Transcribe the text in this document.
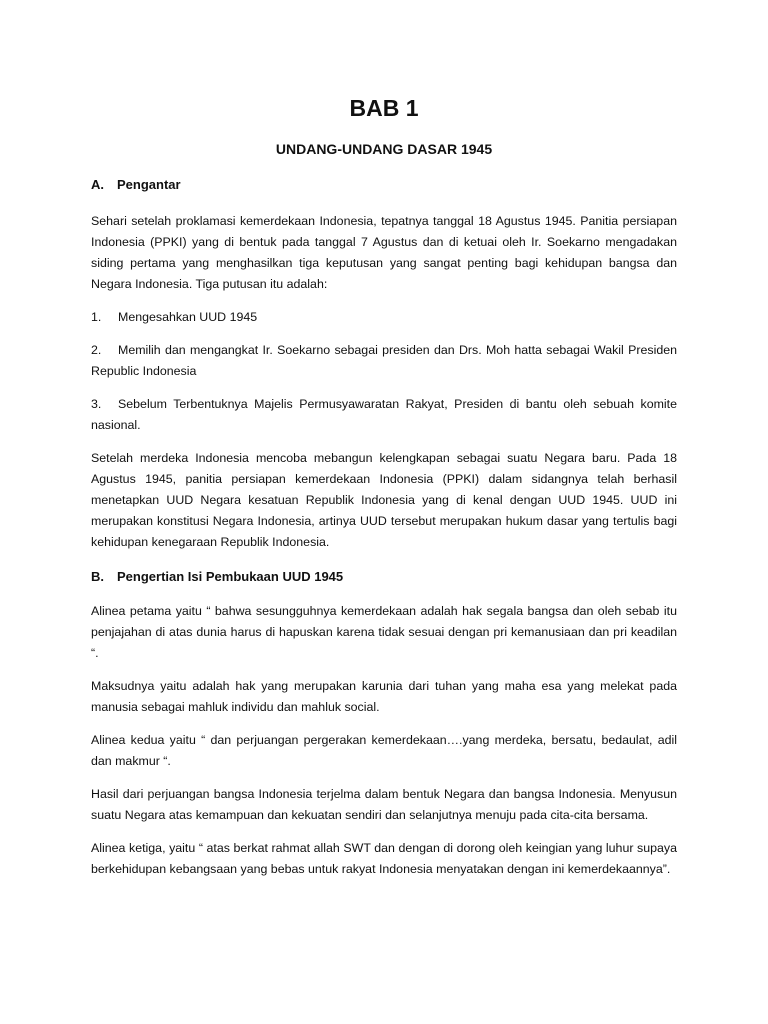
BAB 1
UNDANG-UNDANG DASAR 1945
A.	Pengantar

Sehari setelah proklamasi kemerdekaan Indonesia, tepatnya tanggal 18 Agustus 1945. Panitia persiapan Indonesia (PPKI) yang di bentuk pada tanggal 7 Agustus dan di ketuai oleh Ir. Soekarno mengadakan siding pertama yang menghasilkan tiga keputusan yang sangat penting bagi kehidupan bangsa dan Negara Indonesia. Tiga putusan itu adalah:

1. Mengesahkan UUD 1945
2. Memilih dan mengangkat Ir. Soekarno sebagai presiden dan Drs. Moh hatta sebagai Wakil Presiden Republic Indonesia
3. Sebelum Terbentuknya Majelis Permusyawaratan Rakyat, Presiden di bantu oleh sebuah komite nasional.

Setelah merdeka Indonesia mencoba mebangun kelengkapan sebagai suatu Negara baru. Pada 18 Agustus 1945, panitia persiapan kemerdekaan Indonesia (PPKI) dalam sidangnya telah berhasil menetapkan UUD Negara kesatuan Republik Indonesia yang di kenal dengan UUD 1945. UUD ini merupakan konstitusi Negara Indonesia, artinya UUD tersebut merupakan hukum dasar yang tertulis bagi kehidupan kenegaraan Republik Indonesia.

B.	Pengertian Isi Pembukaan UUD 1945

Alinea petama yaitu “ bahwa sesungguhnya kemerdekaan adalah hak segala bangsa dan oleh sebab itu penjajahan di atas dunia harus di hapuskan karena tidak sesuai dengan pri kemanusiaan dan pri keadilan “.

Maksudnya yaitu adalah hak yang merupakan karunia dari tuhan yang maha esa yang melekat pada manusia sebagai mahluk individu dan mahluk social.

Alinea kedua yaitu “ dan perjuangan pergerakan kemerdekaan….yang merdeka, bersatu, bedaulat, adil dan makmur “.

Hasil dari perjuangan bangsa Indonesia terjelma dalam bentuk Negara dan bangsa Indonesia. Menyusun suatu Negara atas kemampuan dan kekuatan sendiri dan selanjutnya menuju pada cita-cita bersama.

Alinea ketiga, yaitu “ atas berkat rahmat allah SWT dan dengan di dorong oleh keingian yang luhur supaya berkehidupan kebangsaan yang bebas untuk rakyat Indonesia menyatakan dengan ini kemerdekaannya”.
